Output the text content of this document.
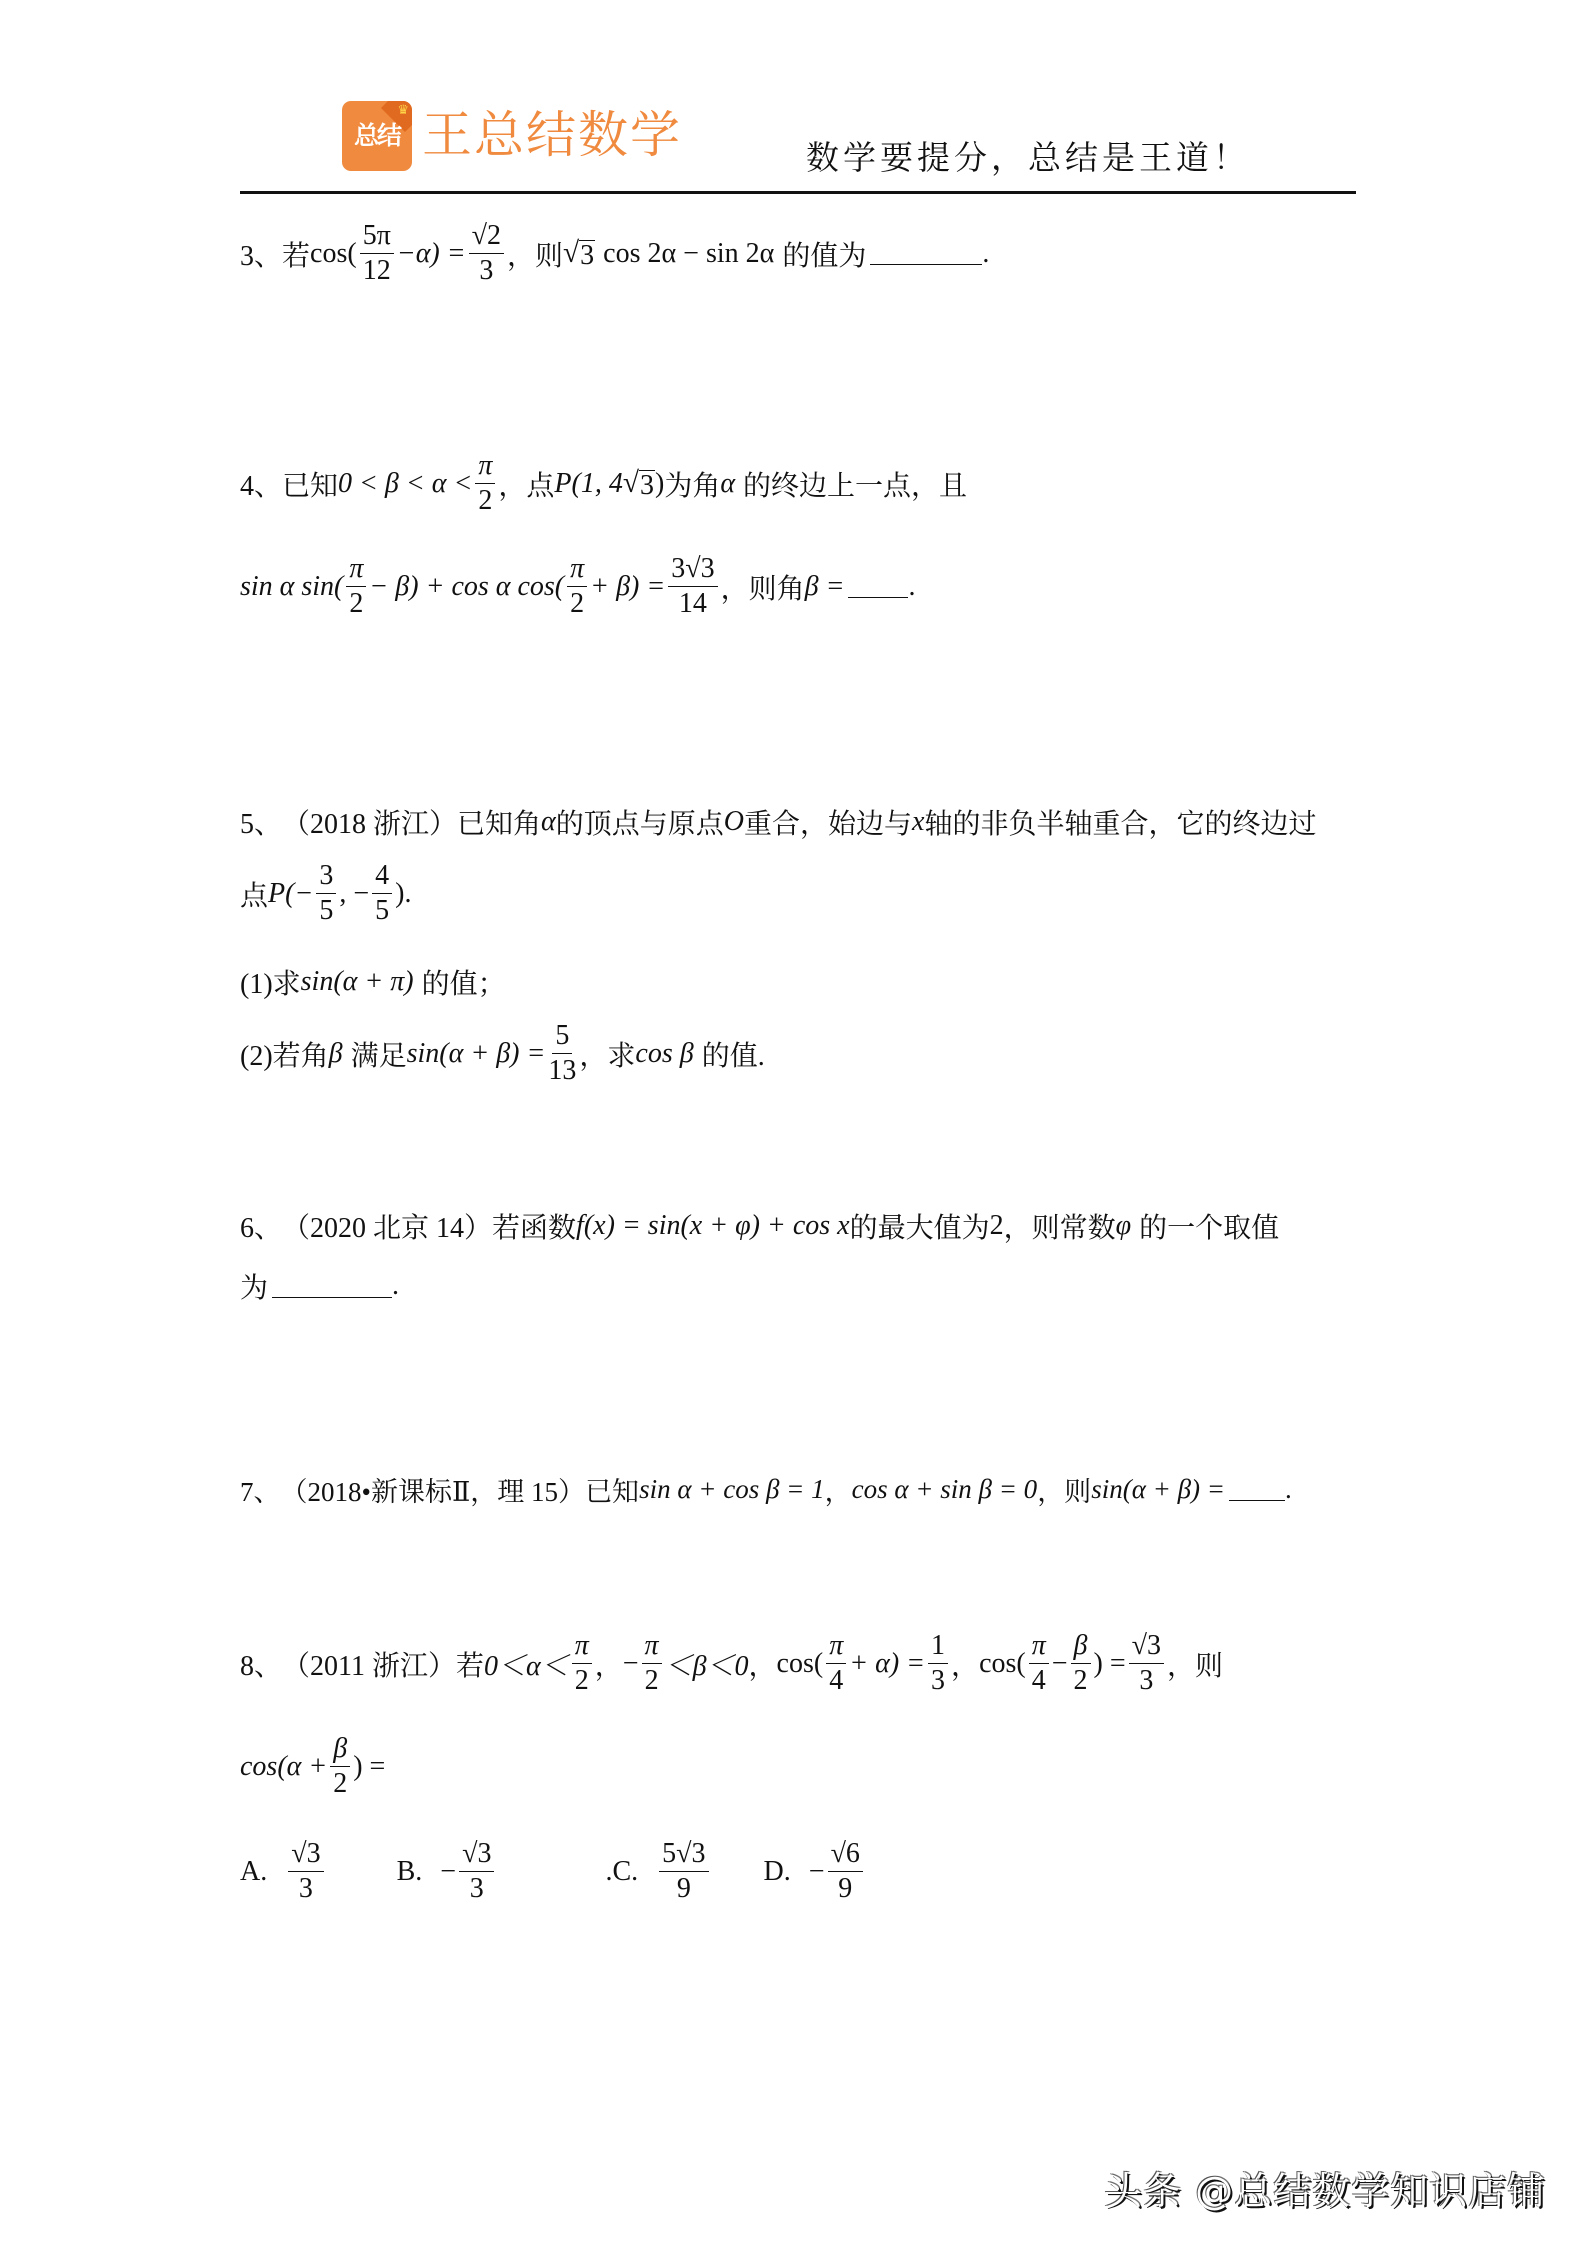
♛
总结 王总结数学	数学要提分，总结是王道！
3、 若 $\cos( \frac{5\pi}{12} -\alpha) = \frac{√2}{3}$ ，则 √ 3 cos 2α − sin 2α 的值为	.
4、 已知 $0 < \beta < \alpha < \frac{\pi}{2}$ ，点 P(1, 4 √ 3 ) 为角 α 的终边上一点，且
sin α $\sin( \frac{\pi}{2} - \beta) + \cos \alpha$ $\cos( \frac{\pi}{2} + \beta) = \frac{3√3}{14}$ ，则角 β = .
5、 （2018 浙江） 已知角 α 的顶点与原点 O 重合，始边与 x 轴的非负半轴重合，它的终边过
点 $P(- \frac{3}{5}$ , − $\frac{4}{5}$ ).
(1)求 sin(α + π) 的值；
(2)若角 β 满足 $\sin(\alpha + \beta) = \frac{5}{13}$ ，求 cos β 的值.
6、 （2020 北京 14） 若函数 f(x) = sin(x + φ) + cos x 的最大值为 2 ，则常数 φ 的一个取值
为	.
7、 （2018•新课标Ⅱ，理 15） 已知 sin α + cos β = 1 ， cos α + sin β = 0 ，则 sin(α + β) = .
8、 （2011 浙江） 若 $0<\alpha< \frac{\pi}{2}$ ， − $\frac{\pi}{2} <\beta<0$ ， $\cos( \frac{\pi}{4} + \alpha) = \frac{1}{3}$ ， $\cos( \frac{\pi}{4} - \frac{\beta}{2}$ ) = $\frac{√3}{3}$ ，则
$\cos(\alpha + \frac{\beta}{2}$ ) =
A. $\frac{√3}{3}$	B. − $\frac{√3}{3}$	.C. $\frac{5√3}{9} D$. − $\frac{√6}{9}$
头条 @总结数学知识店铺
